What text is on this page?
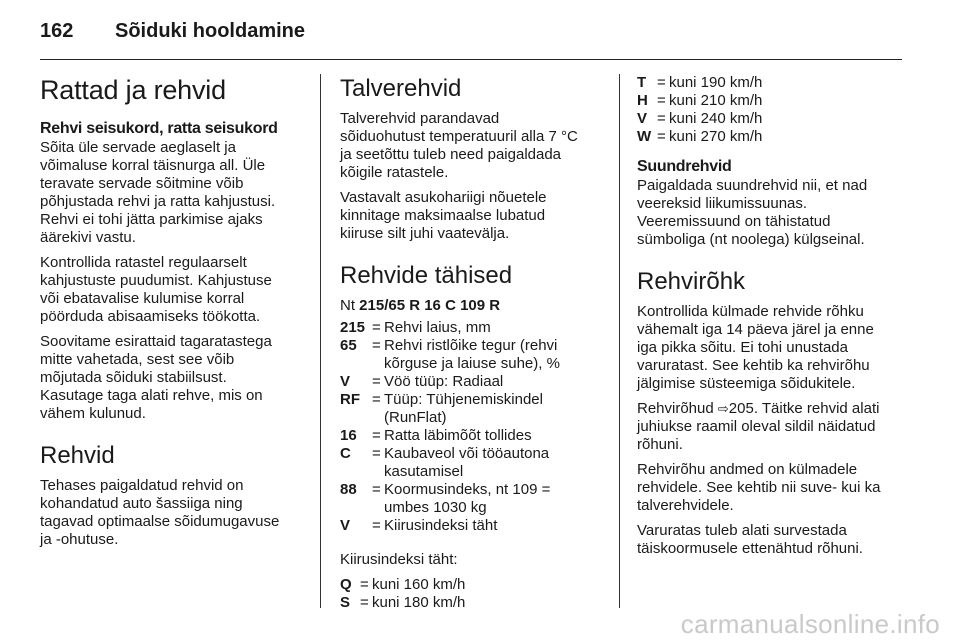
162	Sõiduki hooldamine
Rattad ja rehvid
Rehvi seisukord, ratta seisukord

Sõita üle servade aeglaselt ja
võimaluse korral täisnurga all. Üle
teravate servade sõitmine võib
põhjustada rehvi ja ratta kahjustusi.
Rehvi ei tohi jätta parkimise ajaks
äärekivi vastu.

Kontrollida ratastel regulaarselt
kahjustuste puudumist. Kahjustuse
või ebatavalise kulumise korral
pöörduda abisaamiseks töökotta.

Soovitame esirattaid tagaratastega
mitte vahetada, sest see võib
mõjutada sõiduki stabiilsust.
Kasutage taga alati rehve, mis on
vähem kulunud.

Rehvid

Tehases paigaldatud rehvid on
kohandatud auto šassiiga ning
tagavad optimaalse sõidumugavuse
ja -ohutuse.

Talverehvid

Talverehvid parandavad
sõiduohutust temperatuuril alla 7 °C
ja seetõttu tuleb need paigaldada
kõigile ratastele.

Vastavalt asukohariigi nõuetele
kinnitage maksimaalse lubatud
kiiruse silt juhi vaatevälja.

Rehvide tähised

Nt 215/65 R 16 C 109 R

215 = Rehvi laius, mm
65	= Rehvi ristlõike tegur (rehvi
kõrguse ja laiuse suhe), %
V	= Vöö tüüp: Radiaal
RF = Tüüp: Tühjenemiskindel
(RunFlat)
16	= Ratta läbimõõt tollides
C	= Kaubaveol või tööautona
kasutamisel
88	= Koormusindeks, nt 109 =
umbes 1030 kg
V	= Kiirusindeksi täht

Kiirusindeksi täht:

Q = kuni 160 km/h
S = kuni 180 km/h
T = kuni 190 km/h
H = kuni 210 km/h
V = kuni 240 km/h
W = kuni 270 km/h
Suundrehvid

Paigaldada suundrehvid nii, et nad
veereksid liikumissuunas.
Veeremissuund on tähistatud
sümboliga (nt noolega) külgseinal.

Rehvirõhk

Kontrollida külmade rehvide rõhku
vähemalt iga 14 päeva järel ja enne
iga pikka sõitu. Ei tohi unustada
varuratast. See kehtib ka rehvirõhu
jälgimise süsteemiga sõidukitele.

Rehvirõhud ⇨205. Täitke rehvid alati
juhiukse raamil oleval sildil näidatud
rõhuni.

Rehvirõhu andmed on külmadele
rehvidele. See kehtib nii suve- kui ka
talverehvidele.

Varuratas tuleb alati survestada
täiskoormusele ettenähtud rõhuni.

carmanualsonline.info
